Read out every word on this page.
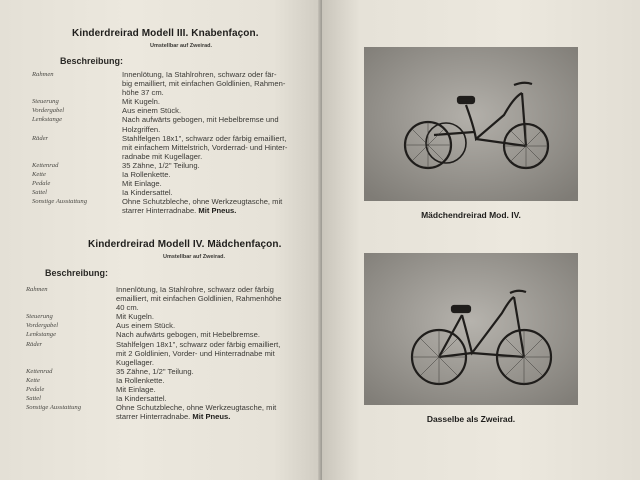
Kinderdreirad Modell III. Knabenfaçon.
Umstellbar auf Zweirad.
Beschreibung:
Rahmen	Innenlötung, Ia Stahlrohren, schwarz oder fär-
big emailliert, mit einfachen Goldlinien, Rahmen-
höhe 37 cm.
Steuerung	Mit Kugeln.
Vordergabel	Aus einem Stück.
Lenkstange	Nach aufwärts gebogen, mit Hebelbremse und
Holzgriffen.
Räder	Stahlfelgen 18x1", schwarz oder färbig emailliert,
mit einfachem Mittelstrich, Vorderrad- und Hinter-
radnabe mit Kugellager.
Kettenrad	35 Zähne, 1/2" Teilung.
Kette	Ia Rollenkette.
Pedale	Mit Einlage.
Sattel	Ia Kindersattel.
Sonstige Ausstattung	Ohne Schutzbleche, ohne Werkzeugtasche, mit
starrer Hinterradnabe. Mit Pneus.
Kinderdreirad Modell IV. Mädchenfaçon.
Umstellbar auf Zweirad.
Beschreibung:
Rahmen	Innenlötung, Ia Stahlrohre, schwarz oder färbig
emailliert, mit einfachen Goldlinien, Rahmenhöhe
40 cm.
Steuerung	Mit Kugeln.
Vordergabel	Aus einem Stück.
Lenkstange	Nach aufwärts gebogen, mit Hebelbremse.
Räder	Stahlfelgen 18x1", schwarz oder färbig emailliert,
mit 2 Goldlinien, Vorder- und Hinterradnabe mit
Kugellager.
Kettenrad	35 Zähne, 1/2" Teilung.
Kette	Ia Rollenkette.
Pedale	Mit Einlage.
Sattel	Ia Kindersattel.
Sonstige Ausstattung	Ohne Schutzbleche, ohne Werkzeugtasche, mit
starrer Hinterradnabe. Mit Pneus.
Mädchendreirad Mod. IV.
Dasselbe als Zweirad.
